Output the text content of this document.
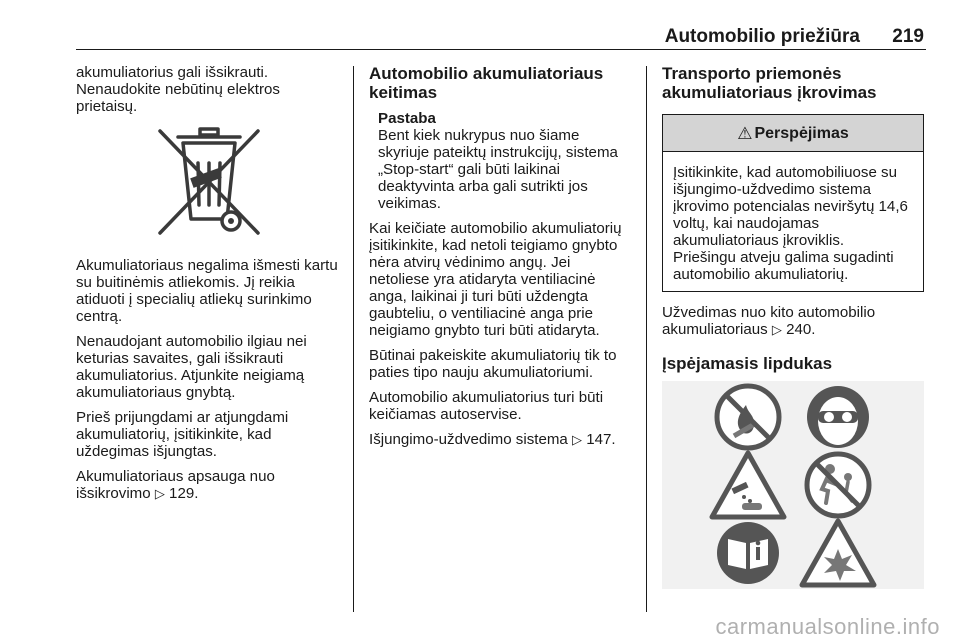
Automobilio priežiūra	219

akumuliatorius gali išsikrauti. Nenaudokite nebūtinų elektros prietaisų.

Akumuliatoriaus negalima išmesti kartu su buitinėmis atliekomis. Jį reikia atiduoti į specialių atliekų surinkimo centrą.

Nenaudojant automobilio ilgiau nei keturias savaites, gali išsikrauti akumuliatorius. Atjunkite neigiamą akumuliatoriaus gnybtą.

Prieš prijungdami ar atjungdami akumuliatorių, įsitikinkite, kad uždegimas išjungtas.

Akumuliatoriaus apsauga nuo išsikrovimo ▷ 129.

Automobilio akumuliatoriaus keitimas
Pastaba
Bent kiek nukrypus nuo šiame skyriuje pateiktų instrukcijų, sistema „Stop-start“ gali būti laikinai deaktyvinta arba gali sutrikti jos veikimas.

Kai keičiate automobilio akumuliatorių įsitikinkite, kad netoli teigiamo gnybto nėra atvirų vėdinimo angų. Jei netoliese yra atidaryta ventiliacinė anga, laikinai ji turi būti uždengta gaubteliu, o ventiliacinė anga prie neigiamo gnybto turi būti atidaryta.

Būtinai pakeiskite akumuliatorių tik to paties tipo nauju akumuliatoriumi.

Automobilio akumuliatorius turi būti keičiamas autoservise.

Išjungimo-uždvedimo sistema ▷ 147.

Transporto priemonės akumuliatoriaus įkrovimas
⚠ Perspėjimas
Įsitikinkite, kad automobiliuose su išjungimo-uždvedimo sistema įkrovimo potencialas neviršytų 14,6 voltų, kai naudojamas akumuliatoriaus įkroviklis.
Priešingu atveju galima sugadinti automobilio akumuliatorių.

Užvedimas nuo kito automobilio akumuliatoriaus ▷ 240.

Įspėjamasis lipdukas
carmanualsonline.info
